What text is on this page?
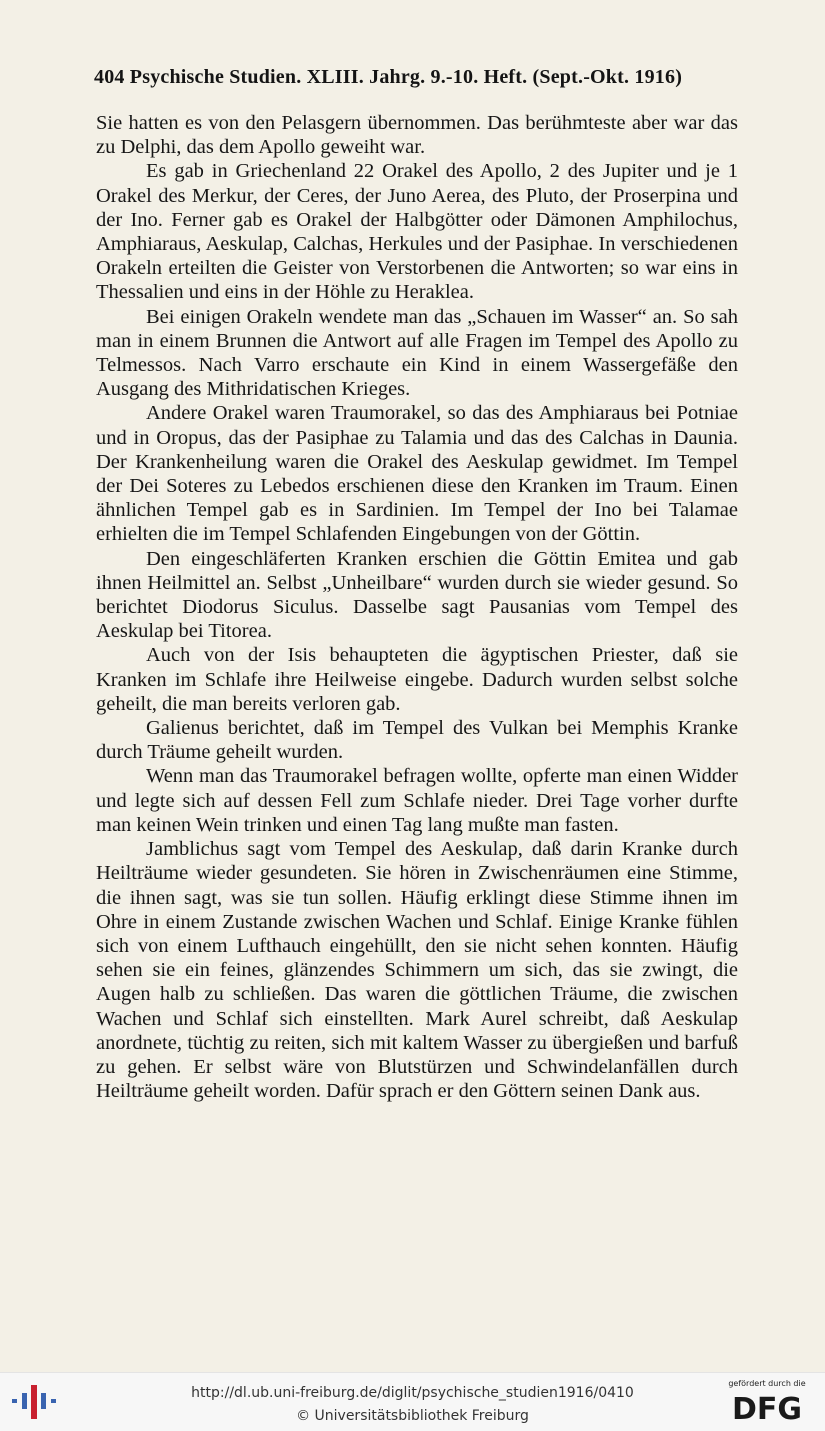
404 Psychische Studien. XLIII. Jahrg. 9.-10. Heft. (Sept.-Okt. 1916)

Sie hatten es von den Pelasgern übernommen. Das berühmteste aber war das zu Delphi, das dem Apollo geweiht war.

Es gab in Griechenland 22 Orakel des Apollo, 2 des Jupiter und je 1 Orakel des Merkur, der Ceres, der Juno Aerea, des Pluto, der Proserpina und der Ino. Ferner gab es Orakel der Halbgötter oder Dämonen Amphilochus, Amphiaraus, Aeskulap, Calchas, Herkules und der Pasiphae. In verschiedenen Orakeln erteilten die Geister von Verstorbenen die Antworten; so war eins in Thessalien und eins in der Höhle zu Heraklea.

Bei einigen Orakeln wendete man das „Schauen im Wasser“ an. So sah man in einem Brunnen die Antwort auf alle Fragen im Tempel des Apollo zu Telmessos. Nach Varro erschaute ein Kind in einem Wassergefäße den Ausgang des Mithridatischen Krieges.

Andere Orakel waren Traumorakel, so das des Amphiaraus bei Potniae und in Oropus, das der Pasiphae zu Talamia und das des Calchas in Daunia. Der Krankenheilung waren die Orakel des Aeskulap gewidmet. Im Tempel der Dei Soteres zu Lebedos erschienen diese den Kranken im Traum. Einen ähnlichen Tempel gab es in Sardinien. Im Tempel der Ino bei Talamae erhielten die im Tempel Schlafenden Eingebungen von der Göttin.

Den eingeschläferten Kranken erschien die Göttin Emitea und gab ihnen Heilmittel an. Selbst „Unheilbare“ wurden durch sie wieder gesund. So berichtet Diodorus Siculus. Dasselbe sagt Pausanias vom Tempel des Aeskulap bei Titorea.

Auch von der Isis behaupteten die ägyptischen Priester, daß sie Kranken im Schlafe ihre Heilweise eingebe. Dadurch wurden selbst solche geheilt, die man bereits verloren gab.

Galienus berichtet, daß im Tempel des Vulkan bei Memphis Kranke durch Träume geheilt wurden.

Wenn man das Traumorakel befragen wollte, opferte man einen Widder und legte sich auf dessen Fell zum Schlafe nieder. Drei Tage vorher durfte man keinen Wein trinken und einen Tag lang mußte man fasten.

Jamblichus sagt vom Tempel des Aeskulap, daß darin Kranke durch Heilträume wieder gesundeten. Sie hören in Zwischenräumen eine Stimme, die ihnen sagt, was sie tun sollen. Häufig erklingt diese Stimme ihnen im Ohre in einem Zustande zwischen Wachen und Schlaf. Einige Kranke fühlen sich von einem Lufthauch eingehüllt, den sie nicht sehen konnten. Häufig sehen sie ein feines, glänzendes Schimmern um sich, das sie zwingt, die Augen halb zu schließen. Das waren die göttlichen Träume, die zwischen Wachen und Schlaf sich einstellten. Mark Aurel schreibt, daß Aeskulap anordnete, tüchtig zu reiten, sich mit kaltem Wasser zu übergießen und barfuß zu gehen. Er selbst wäre von Blutstürzen und Schwindelanfällen durch Heilträume geheilt worden. Dafür sprach er den Göttern seinen Dank aus.

http://dl.ub.uni-freiburg.de/diglit/psychische_studien1916/0410
© Universitätsbibliothek Freiburg
gefördert durch die
DFG
